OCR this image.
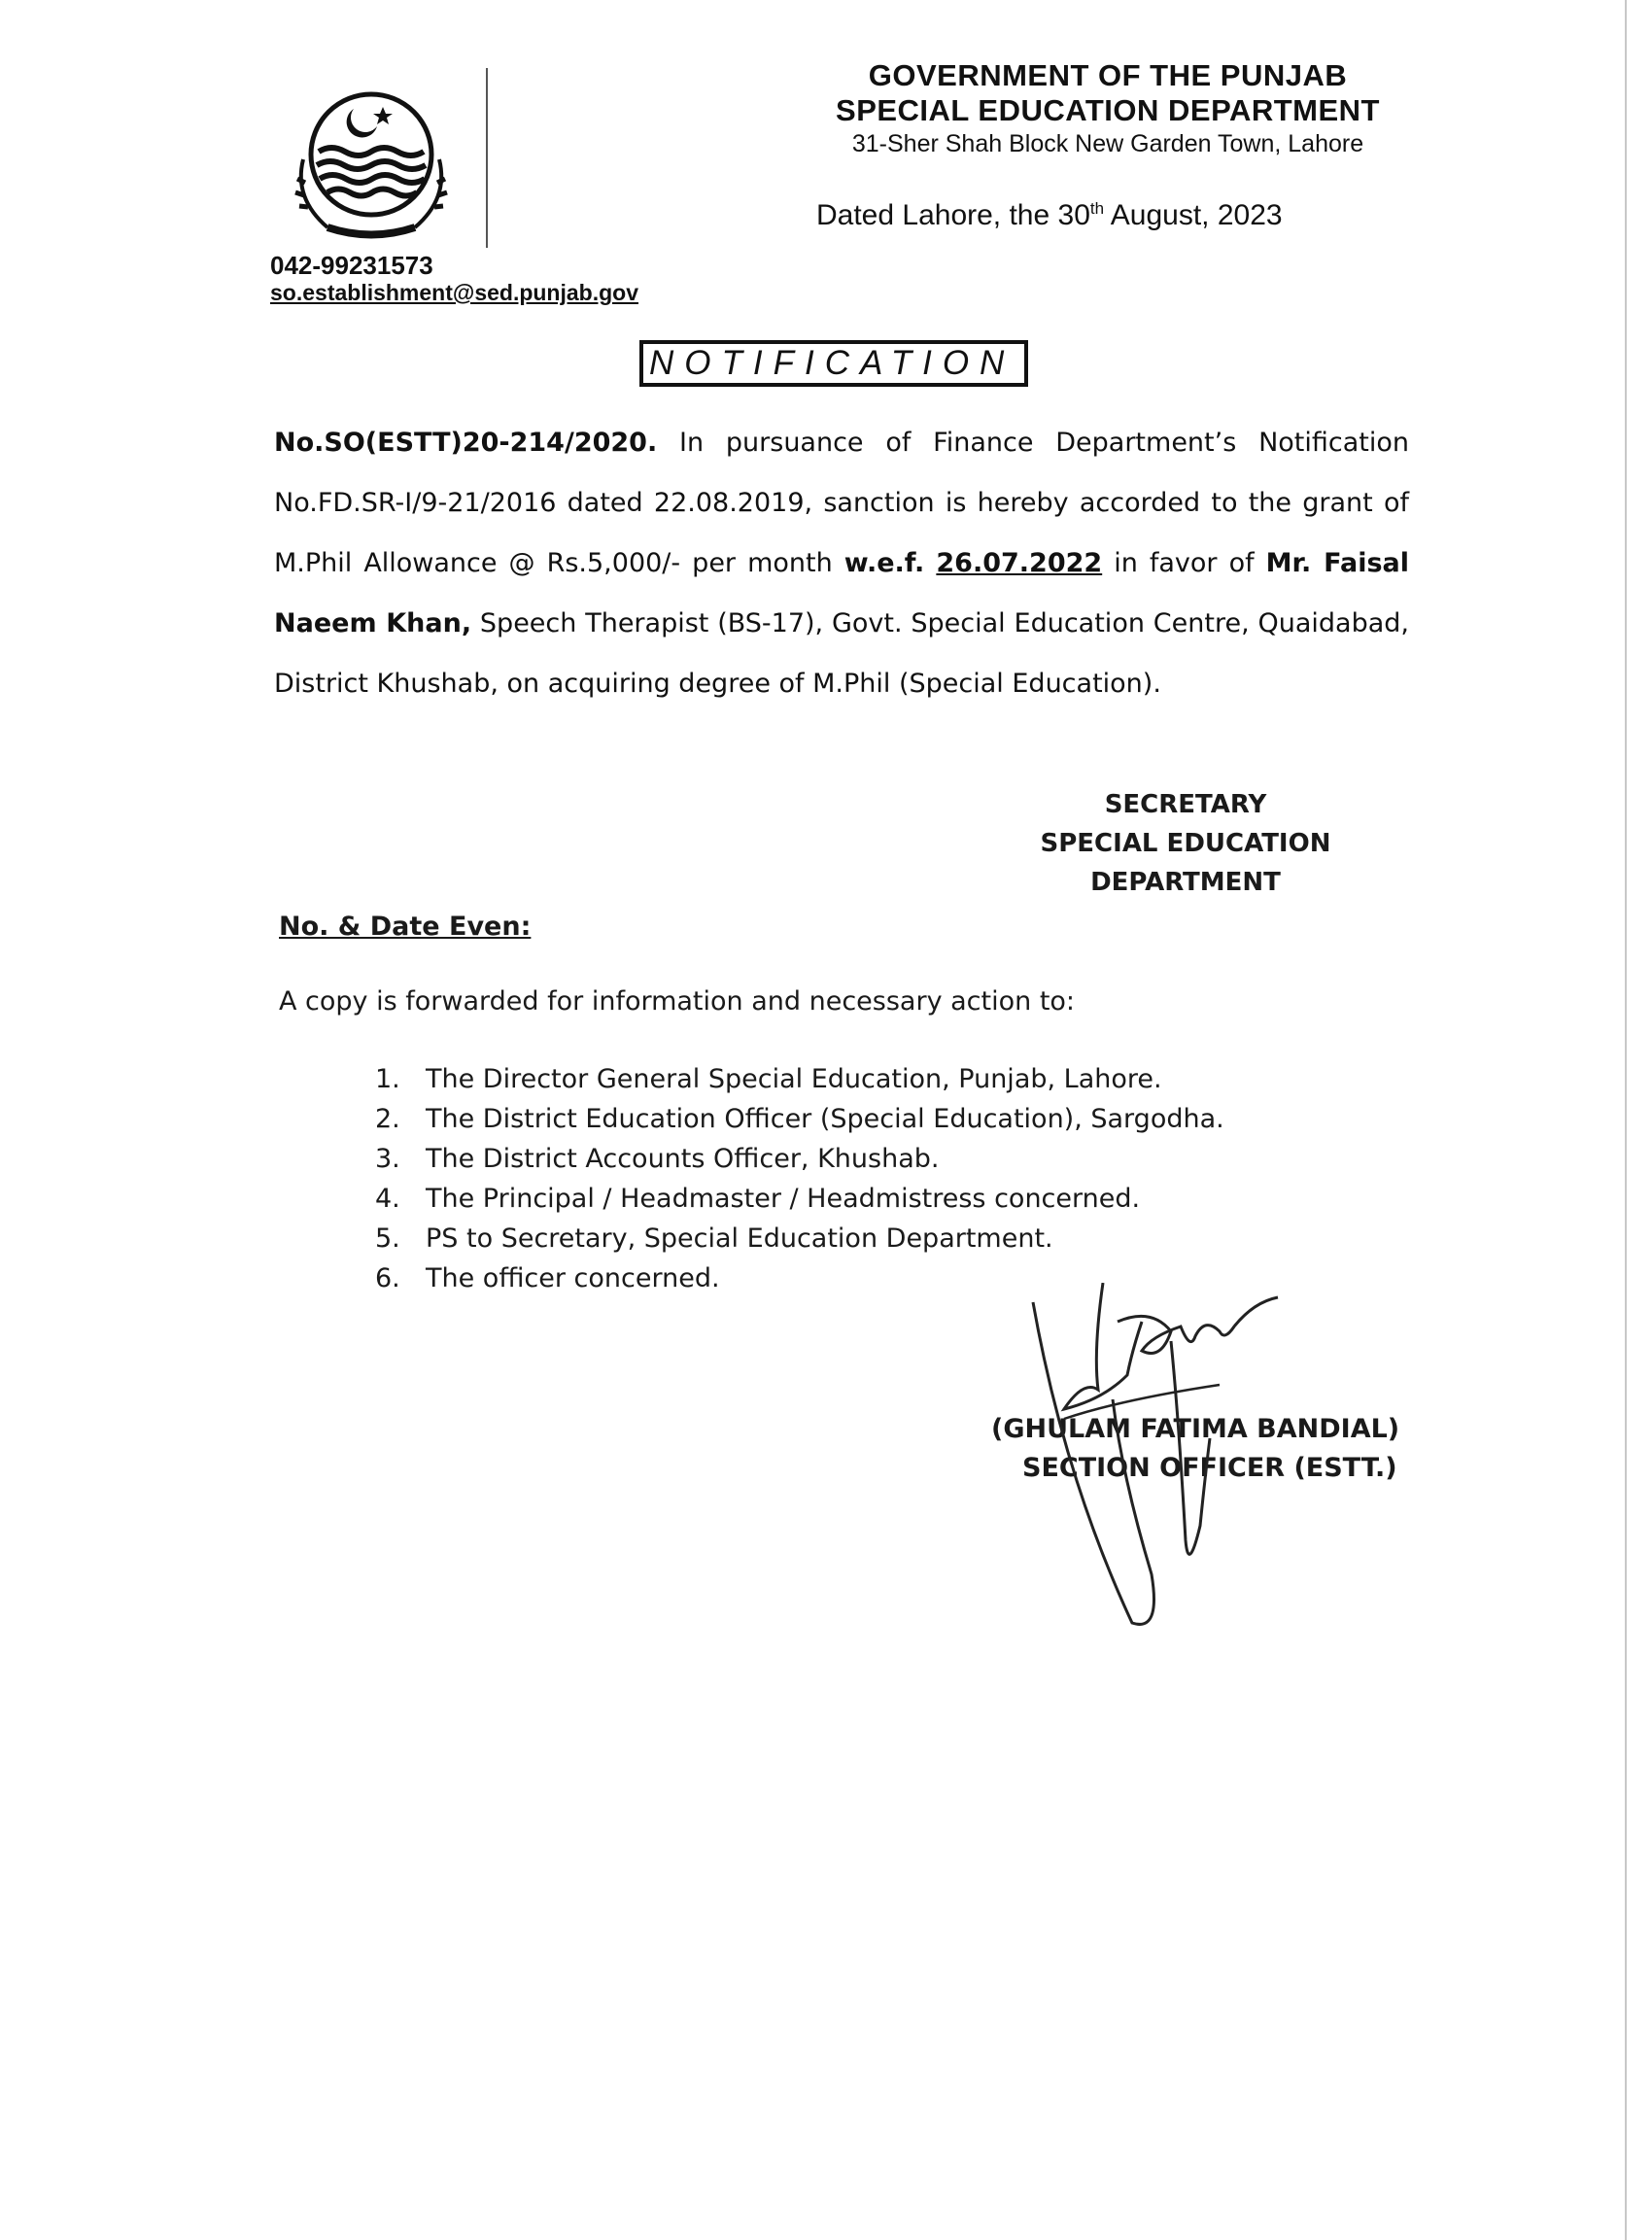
042-99231573
so.establishment@sed.punjab.gov
GOVERNMENT OF THE PUNJAB
SPECIAL EDUCATION DEPARTMENT
31-Sher Shah Block New Garden Town, Lahore
Dated Lahore, the 30th August, 2023
NOTIFICATION
No.SO(ESTT)20-214/2020. In pursuance of Finance Department’s Notification No.FD.SR-I/9-21/2016 dated 22.08.2019, sanction is hereby accorded to the grant of M.Phil Allowance @ Rs.5,000/- per month w.e.f. 26.07.2022 in favor of Mr. Faisal Naeem Khan, Speech Therapist (BS-17), Govt. Special Education Centre, Quaidabad, District Khushab, on acquiring degree of M.Phil (Special Education).
SECRETARY
SPECIAL EDUCATION
DEPARTMENT
No. & Date Even:
A copy is forwarded for information and necessary action to:
1. The Director General Special Education, Punjab, Lahore.
2. The District Education Officer (Special Education), Sargodha.
3. The District Accounts Officer, Khushab.
4. The Principal / Headmaster / Headmistress concerned.
5. PS to Secretary, Special Education Department.
6. The officer concerned.
(GHULAM FATIMA BANDIAL)
SECTION OFFICER (ESTT.)
